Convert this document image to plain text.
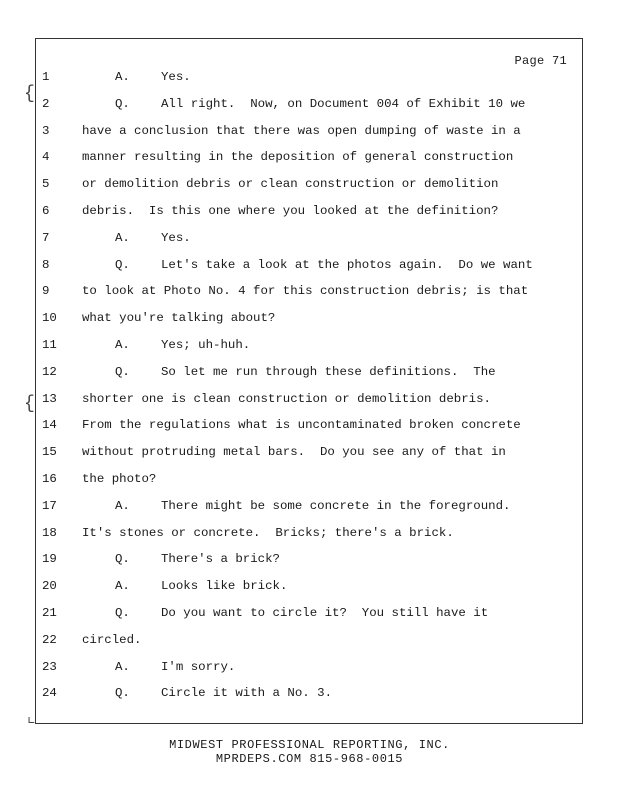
Page 71
{
{
⌞
1	A.	Yes.
2	Q.	All right.  Now, on Document 004 of Exhibit 10 we
3	have a conclusion that there was open dumping of waste in a
4	manner resulting in the deposition of general construction
5	or demolition debris or clean construction or demolition
6	debris.  Is this one where you looked at the definition?
7	A.	Yes.
8	Q.	Let's take a look at the photos again.  Do we want
9	to look at Photo No. 4 for this construction debris; is that
10	what you're talking about?
11	A.	Yes; uh-huh.
12	Q.	So let me run through these definitions.  The
13	shorter one is clean construction or demolition debris.
14	From the regulations what is uncontaminated broken concrete
15	without protruding metal bars.  Do you see any of that in
16	the photo?
17	A.	There might be some concrete in the foreground.
18	It's stones or concrete.  Bricks; there's a brick.
19	Q.	There's a brick?
20	A.	Looks like brick.
21	Q.	Do you want to circle it?  You still have it
22	circled.
23	A.	I'm sorry.
24	Q.	Circle it with a No. 3.
MIDWEST PROFESSIONAL REPORTING, INC.
MPRDEPS.COM 815-968-0015
